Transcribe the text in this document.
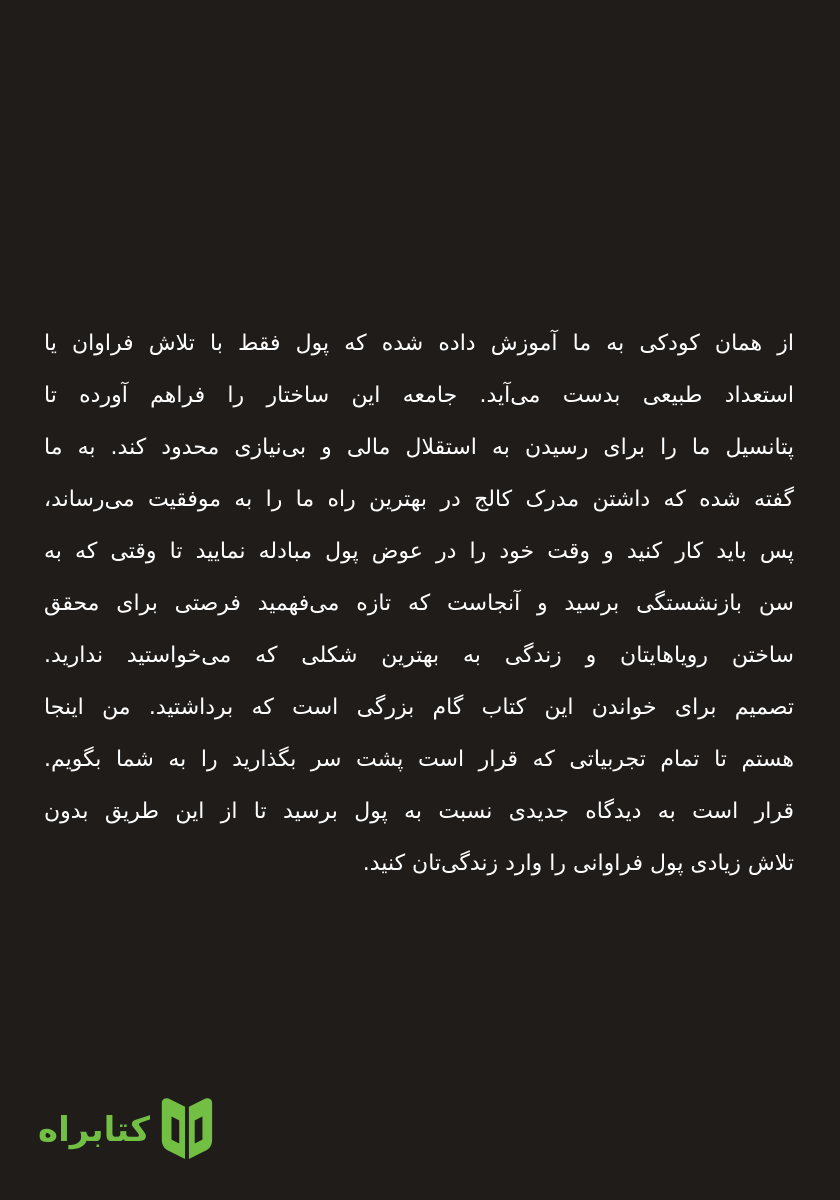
از همان کودکی به ما آموزش داده شده که پول فقط با تلاش فراوان یا
استعداد طبیعی بدست می‌آید. جامعه این ساختار را فراهم آورده تا
پتانسیل ما را برای رسیدن به استقلال مالی و بی‌نیازی محدود کند. به ما
گفته شده که داشتن مدرک کالج در بهترین راه ما را به موفقیت می‌رساند،
پس باید کار کنید و وقت خود را در عوض پول مبادله نمایید تا وقتی که به
سن بازنشستگی برسید و آنجاست که تازه می‌فهمید فرصتی برای محقق
ساختن رویاهایتان و زندگی به بهترین شکلی که می‌خواستید ندارید.
تصمیم برای خواندن این کتاب گام بزرگی است که برداشتید. من اینجا
هستم تا تمام تجربیاتی که قرار است پشت سر بگذارید را به شما بگویم.
قرار است به دیدگاه جدیدی نسبت به پول برسید تا از این طریق بدون
تلاش زیادی پول فراوانی را وارد زندگی‌تان کنید.

کتابراه
